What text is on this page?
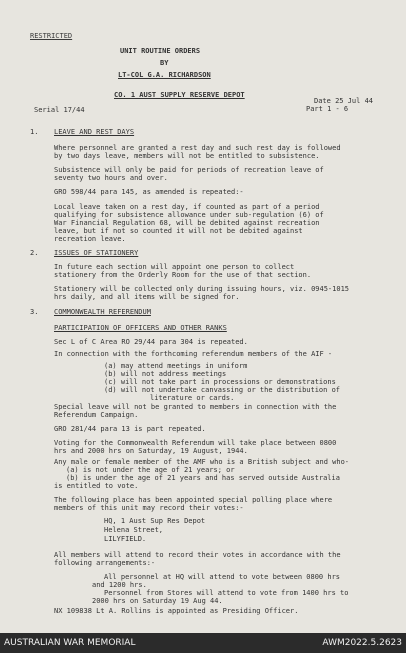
RESTRICTED
UNIT ROUTINE ORDERS
BY
LT-COL G.A. RICHARDSON
CO. 1 AUST SUPPLY RESERVE DEPOT
Date 25 Jul 44
Part 1 - 6
Serial 17/44
1. LEAVE AND REST DAYS
Where personnel are granted a rest day and such rest day is followed
by two days leave, members will not be entitled to subsistence.
Subsistence will only be paid for periods of recreation leave of
seventy two hours and over.
GRO 598/44 para 145, as amended is repeated:-
Local leave taken on a rest day, if counted as part of a period
qualifying for subsistence allowance under sub-regulation (6) of
War Financial Regulation 68, will be debited against recreation
leave, but if not so counted it will not be debited against
recreation leave.
2. ISSUES OF STATIONERY
In future each section will appoint one person to collect
stationery from the Orderly Room for the use of that section.
Stationery will be collected only during issuing hours, viz. 0945-1015
hrs daily, and all items will be signed for.
3. COMMONWEALTH REFERENDUM
PARTICIPATION OF OFFICERS AND OTHER RANKS
Sec L of C Area RO 29/44 para 304 is repeated.
In connection with the forthcoming referendum members of the AIF -
(a) may attend meetings in uniform
(b) will not address meetings
(c) will not take part in processions or demonstrations
(d) will not undertake canvassing or the distribution of
literature or cards.
Special leave will not be granted to members in connection with the
Referendum Campaign.
GRO 281/44 para 13 is part repeated.
Voting for the Commonwealth Referendum will take place between 0800
hrs and 2000 hrs on Saturday, 19 August, 1944.
Any male or female member of the AMF who is a British subject and who-
(a) is not under the age of 21 years; or
(b) is under the age of 21 years and has served outside Australia
is entitled to vote.
The following place has been appointed special polling place where
members of this unit may record their votes:-
HQ, 1 Aust Sup Res Depot
Helena Street,
LILYFIELD.
All members will attend to record their votes in accordance with the
following arrangements:-
All personnel at HQ will attend to vote between 0800 hrs
and 1200 hrs.
Personnel from Stores will attend to vote from 1400 hrs to
2000 hrs on Saturday 19 Aug 44.
NX 109838 Lt A. Rollins is appointed as Presiding Officer.
AUSTRALIAN WAR MEMORIAL	AWM2022.5.2623
